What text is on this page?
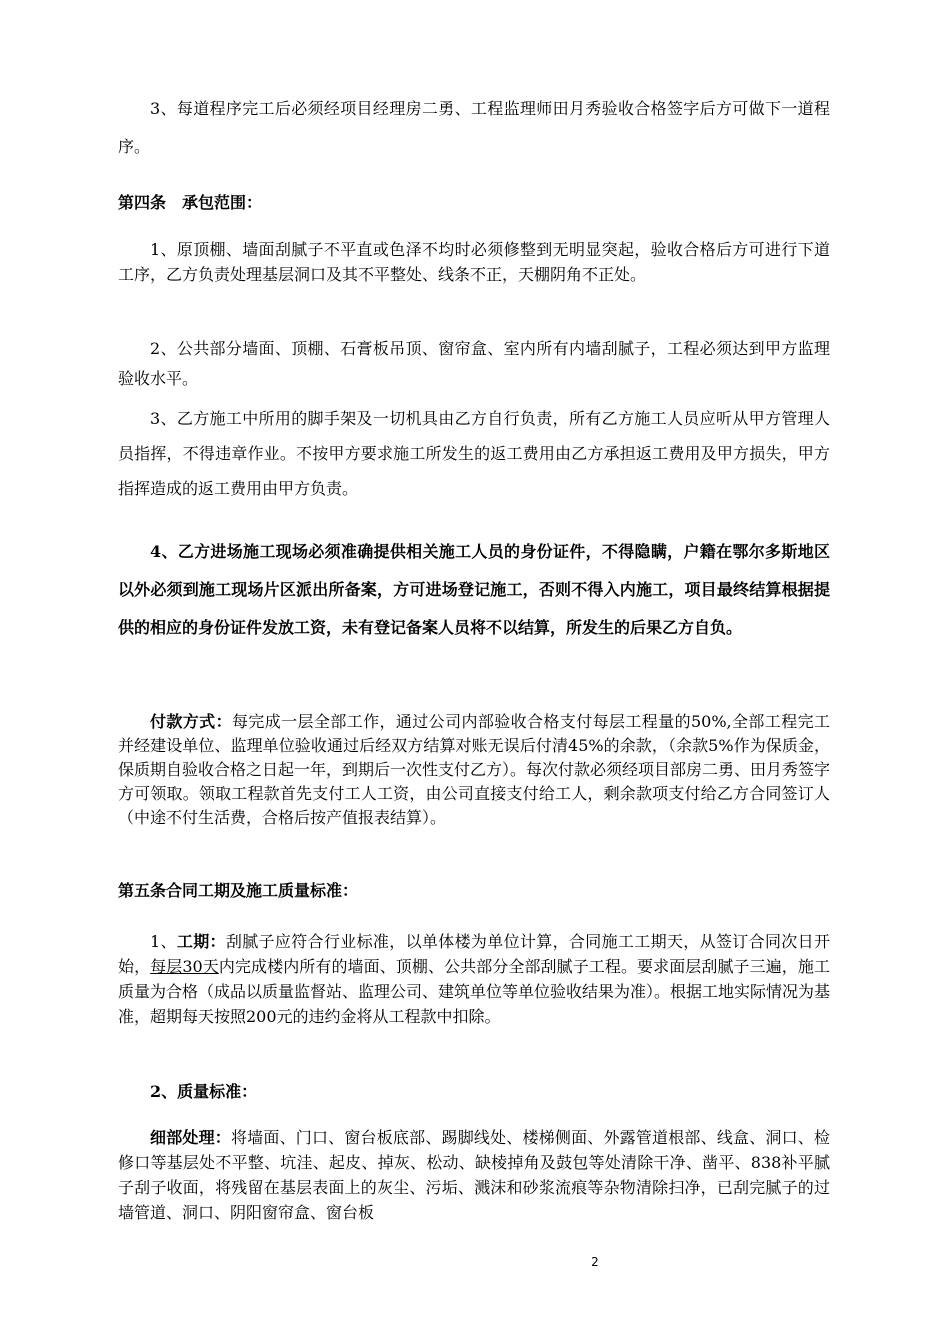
3、每道程序完工后必须经项目经理房二勇、工程监理师田月秀验收合格签字后方可做下一道程序。

第四条　承包范围：

1、原顶棚、墙面刮腻子不平直或色泽不均时必须修整到无明显突起，验收合格后方可进行下道工序，乙方负责处理基层洞口及其不平整处、线条不正，天棚阴角不正处。

2、公共部分墙面、顶棚、石膏板吊顶、窗帘盒、室内所有内墙刮腻子，工程必须达到甲方监理验收水平。

3、乙方施工中所用的脚手架及一切机具由乙方自行负责，所有乙方施工人员应听从甲方管理人员指挥，不得违章作业。不按甲方要求施工所发生的返工费用由乙方承担返工费用及甲方损失，甲方指挥造成的返工费用由甲方负责。

4、乙方进场施工现场必须准确提供相关施工人员的身份证件，不得隐瞒，户籍在鄂尔多斯地区以外必须到施工现场片区派出所备案，方可进场登记施工，否则不得入内施工，项目最终结算根据提供的相应的身份证件发放工资，未有登记备案人员将不以结算，所发生的后果乙方自负。

付款方式：每完成一层全部工作，通过公司内部验收合格支付每层工程量的50%,全部工程完工并经建设单位、监理单位验收通过后经双方结算对账无误后付清45%的余款，（余款5%作为保质金，保质期自验收合格之日起一年，到期后一次性支付乙方）。每次付款必须经项目部房二勇、田月秀签字方可领取。领取工程款首先支付工人工资，由公司直接支付给工人，剩余款项支付给乙方合同签订人（中途不付生活费，合格后按产值报表结算）。

第五条合同工期及施工质量标准：

1、工期：刮腻子应符合行业标准，以单体楼为单位计算，合同施工工期天，从签订合同次日开始，每层30天内完成楼内所有的墙面、顶棚、公共部分全部刮腻子工程。要求面层刮腻子三遍，施工质量为合格（成品以质量监督站、监理公司、建筑单位等单位验收结果为准）。根据工地实际情况为基准，超期每天按照200元的违约金将从工程款中扣除。

2、质量标准：

细部处理：将墙面、门口、窗台板底部、踢脚线处、楼梯侧面、外露管道根部、线盒、洞口、检修口等基层处不平整、坑洼、起皮、掉灰、松动、缺棱掉角及鼓包等处清除干净、凿平、838补平腻子刮子收面，将残留在基层表面上的灰尘、污垢、溅沫和砂浆流痕等杂物清除扫净，已刮完腻子的过墙管道、洞口、阴阳窗帘盒、窗台板

2
